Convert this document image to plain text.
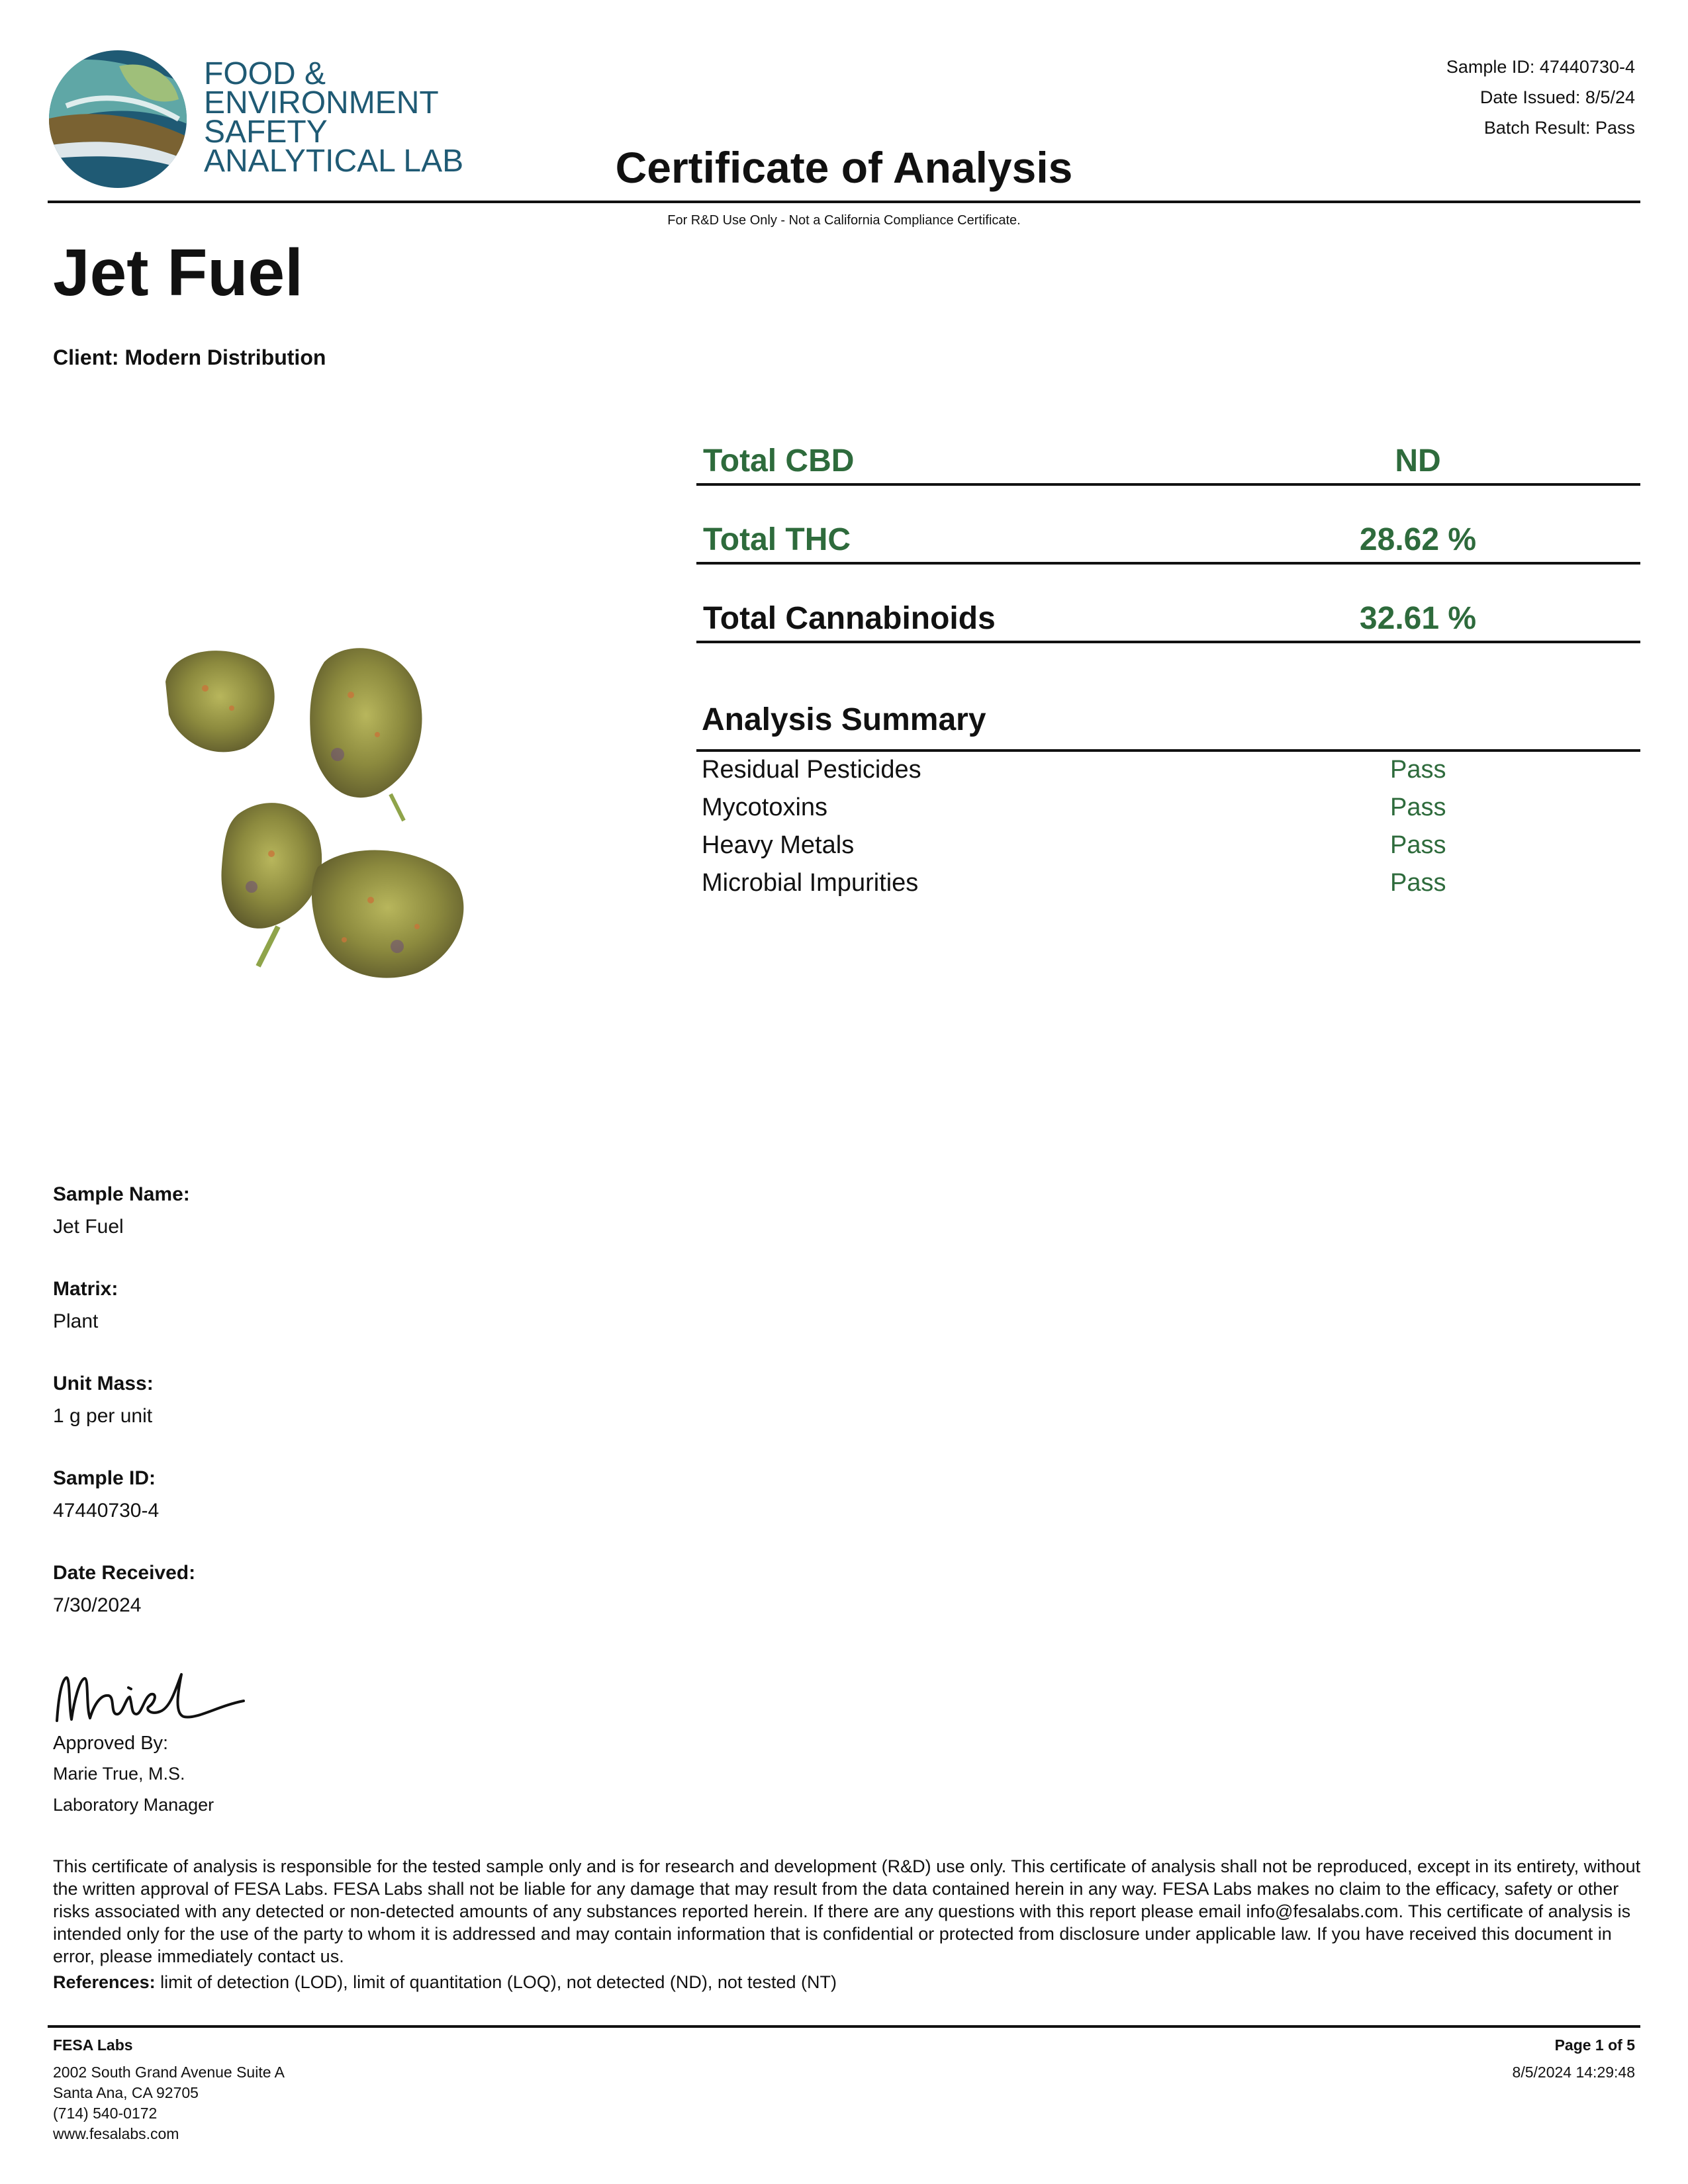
FOOD &
ENVIRONMENT
SAFETY
ANALYTICAL LAB
Sample ID: 47440730-4
Date Issued: 8/5/24
Batch Result: Pass
Certificate of Analysis
For R&D Use Only - Not a California Compliance Certificate.
Jet Fuel
Client: Modern Distribution
Total CBD	ND
Total THC	28.62 %
Total Cannabinoids	32.61 %
Analysis Summary
Residual Pesticides	Pass
Mycotoxins	Pass
Heavy Metals	Pass
Microbial Impurities	Pass
Sample Name:
Jet Fuel
Matrix:
Plant
Unit Mass:
1 g per unit
Sample ID:
47440730-4
Date Received:
7/30/2024
Approved By:
Marie True, M.S.
Laboratory Manager
This certificate of analysis is responsible for the tested sample only and is for research and development (R&D) use only. This certificate of analysis shall not be reproduced, except in its entirety, without the written approval of FESA Labs. FESA Labs shall not be liable for any damage that may result from the data contained herein in any way. FESA Labs makes no claim to the efficacy, safety or other risks associated with any detected or non-detected amounts of any substances reported herein. If there are any questions with this report please email info@fesalabs.com. This certificate of analysis is intended only for the use of the party to whom it is addressed and may contain information that is confidential or protected from disclosure under applicable law. If you have received this document in error, please immediately contact us.
References: limit of detection (LOD), limit of quantitation (LOQ), not detected (ND), not tested (NT)
FESA Labs
2002 South Grand Avenue Suite A
Santa Ana, CA 92705
(714) 540-0172
www.fesalabs.com
Page 1 of 5
8/5/2024 14:29:48
